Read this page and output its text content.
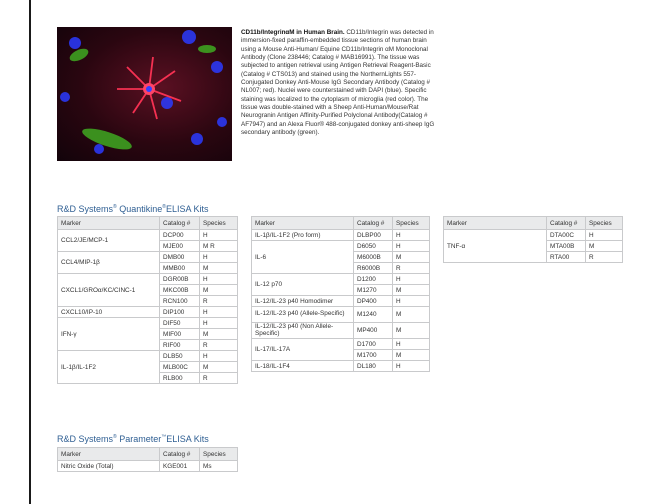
CD11b/IntegrinαM in Human Brain. CD11b/Integrin was detected in immersion-fixed paraffin-embedded tissue sections of human brain using a Mouse Anti-Human/ Equine CD11b/Integrin αM Monoclonal Antibody (Clone 238446; Catalog # MAB16991). The tissue was subjected to antigen retrieval using Antigen Retrieval Reagent-Basic (Catalog # CTS013) and stained using the NorthernLights 557-Conjugated Donkey Anti-Mouse IgG Secondary Antibody (Catalog # NL007; red). Nuclei were counterstained with DAPI (blue). Specific staining was localized to the cytoplasm of microglia (red color). The tissue was double-stained with a Sheep Anti-Human/Mouse/Rat Neurogranin Antigen Affinity-Purified Polyclonal Antibody(Catalog # AF7947) and an Alexa Fluor® 488-conjugated donkey anti-sheep IgG secondary antibody (green).
R&D Systems® Quantikine®ELISA Kits
Marker	Catalog #	Species
CCL2/JE/MCP-1	DCP00	H
	MJE00	M R
CCL4/MIP-1β	DMB00	H
	MMB00	M
CXCL1/GROα/KC/CINC-1	DGR00B	H
	MKC00B	M
	RCN100	R
CXCL10/IP-10	DIP100	H
IFN-γ	DIF50	H
	MIF00	M
	RIF00	R
IL-1β/IL-1F2	DLB50	H
	MLB00C	M
	RLB00	R
Marker	Catalog #	Species
IL-1β/IL-1F2 (Pro form)	DLBP00	H
IL-6	D6050	H
	M6000B	M
	R6000B	R
IL-12 p70	D1200	H
	M1270	M
IL-12/IL-23 p40 Homodimer	DP400	H
IL-12/IL-23 p40 (Allele-Specific)	M1240	M
IL-12/IL-23 p40 (Non Allele-Specific)	MP400	M
IL-17/IL-17A	D1700	H
	M1700	M
IL-18/IL-1F4	DL180	H
Marker	Catalog #	Species
TNF-α	DTA00C	H
	MTA00B	M
	RTA00	R
R&D Systems® Parameter™ELISA Kits
Marker	Catalog #	Species
Nitric Oxide (Total)	KGE001	Ms
